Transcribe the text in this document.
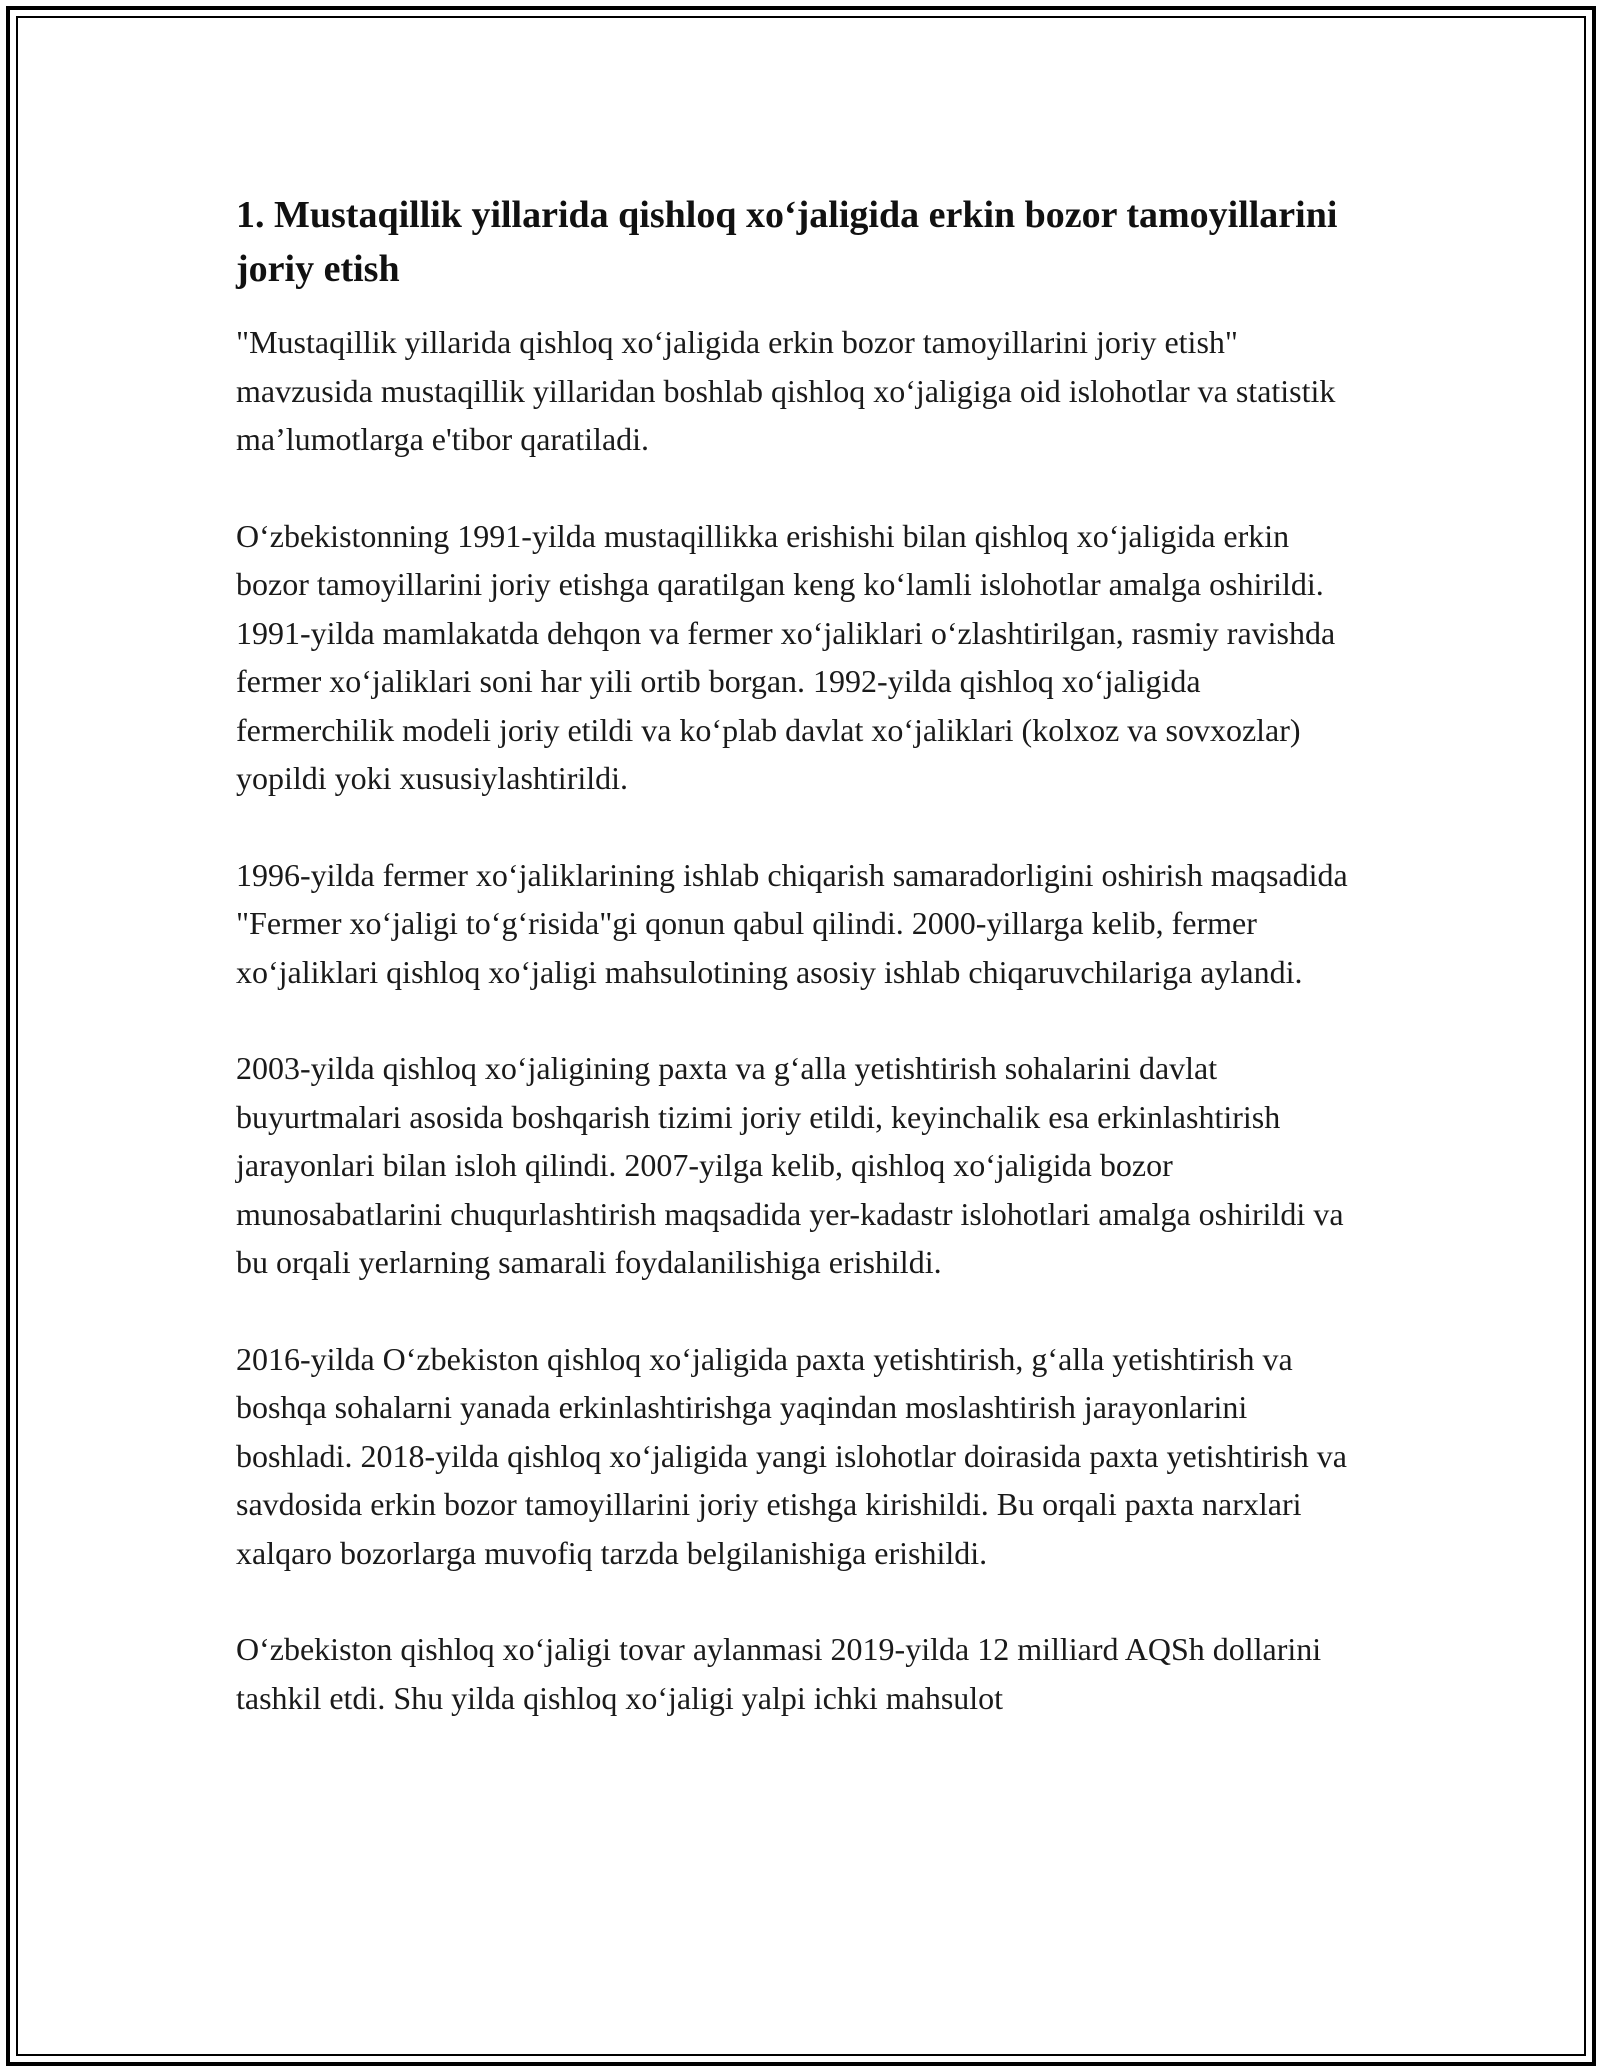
1. Mustaqillik yillarida qishloq xo‘jaligida erkin bozor tamoyillarini joriy etish

"Mustaqillik yillarida qishloq xo‘jaligida erkin bozor tamoyillarini joriy etish" mavzusida mustaqillik yillaridan boshlab qishloq xo‘jaligiga oid islohotlar va statistik ma’lumotlarga e'tibor qaratiladi.

O‘zbekistonning 1991-yilda mustaqillikka erishishi bilan qishloq xo‘jaligida erkin bozor tamoyillarini joriy etishga qaratilgan keng ko‘lamli islohotlar amalga oshirildi. 1991-yilda mamlakatda dehqon va fermer xo‘jaliklari o‘zlashtirilgan, rasmiy ravishda fermer xo‘jaliklari soni har yili ortib borgan. 1992-yilda qishloq xo‘jaligida fermerchilik modeli joriy etildi va ko‘plab davlat xo‘jaliklari (kolxoz va sovxozlar) yopildi yoki xususiylashtirildi.

1996-yilda fermer xo‘jaliklarining ishlab chiqarish samaradorligini oshirish maqsadida "Fermer xo‘jaligi to‘g‘risida"gi qonun qabul qilindi. 2000-yillarga kelib, fermer xo‘jaliklari qishloq xo‘jaligi mahsulotining asosiy ishlab chiqaruvchilariga aylandi.

2003-yilda qishloq xo‘jaligining paxta va g‘alla yetishtirish sohalarini davlat buyurtmalari asosida boshqarish tizimi joriy etildi, keyinchalik esa erkinlashtirish jarayonlari bilan isloh qilindi. 2007-yilga kelib, qishloq xo‘jaligida bozor munosabatlarini chuqurlashtirish maqsadida yer-kadastr islohotlari amalga oshirildi va bu orqali yerlarning samarali foydalanilishiga erishildi.

2016-yilda O‘zbekiston qishloq xo‘jaligida paxta yetishtirish, g‘alla yetishtirish va boshqa sohalarni yanada erkinlashtirishga yaqindan moslashtirish jarayonlarini boshladi. 2018-yilda qishloq xo‘jaligida yangi islohotlar doirasida paxta yetishtirish va savdosida erkin bozor tamoyillarini joriy etishga kirishildi. Bu orqali paxta narxlari xalqaro bozorlarga muvofiq tarzda belgilanishiga erishildi.

O‘zbekiston qishloq xo‘jaligi tovar aylanmasi 2019-yilda 12 milliard AQSh dollarini tashkil etdi. Shu yilda qishloq xo‘jaligi yalpi ichki mahsulot
